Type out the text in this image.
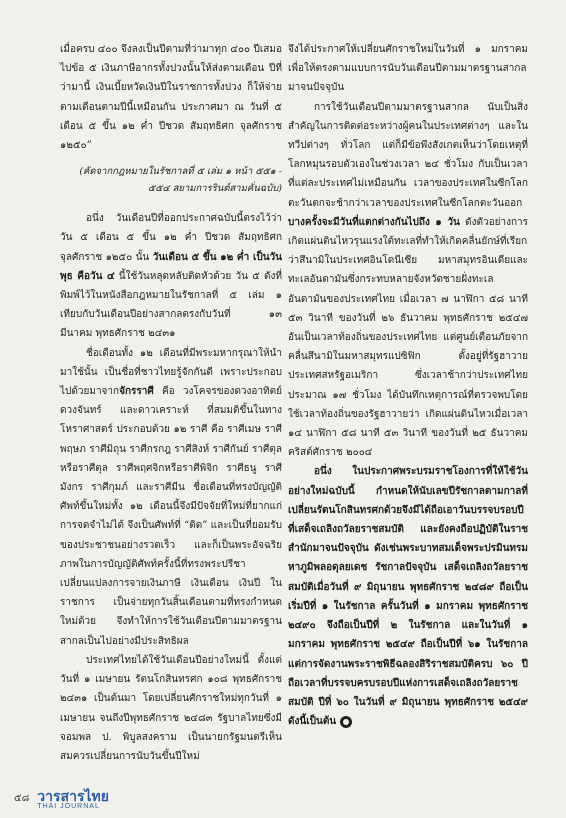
เมื่อครบ ๔๐๐ จึงลงเป็นปีตามที่ว่ามาทุก ๔๐๐ ปีเสมอไปข้อ ๕ เงินภาษีอากรทั้งปวงนั้นให้ส่งตามเดือน ปีที่ว่ามานี้ เงินเบี้ยหวัดเงินปีในราชการทั้งปวง ก็ให้จ่ายตามเดือนตามปีนี้เหมือนกัน ประกาศมา ณ วันที่ ๕ เดือน ๕ ขึ้น ๑๒ ค่ำ ปีชวด สัมฤทธิศก จุลศักราช ๑๒๕๐”

(คัดจากกฎหมายในรัชกาลที่ ๕ เล่ม ๑ หน้า ๕๕๑ - ๕๕๔ สยามการรินต์สามคั่นฉบับ)

อนึ่ง วันเดือนปีที่ออกประกาศฉบับนี้ตรงไว้ว่า วัน ๕ เดือน ๕ ขึ้น ๑๒ ค่ำ ปีชวด สัมฤทธิศก จุลศักราช ๑๒๕๐ นั้น วันเดือน ๕ ขึ้น ๑๒ ค่ำ เป็นวันพุธ คือวัน ๔ นี้ใช้วันหลุดหลับติดหัวด้วย วัน ๕ ดังที่พิมพ์ไว้ในหนังสือกฎหมายในรัชกาลที่ ๕ เล่ม ๑ เทียบกับวันเดือนปีอย่างสากลตรงกับวันที่ ๑๓ มีนาคม พุทธศักราช ๒๔๓๑

ชื่อเดือนทั้ง ๑๒ เดือนที่มีพระมหากรุณาให้นำมาใช้นั้น เป็นชื่อที่ชาวไทยรู้จักกันดี เพราะประกอบไปด้วยมาจากจักรราศี คือ วงโคจรของดวงอาทิตย์ ดวงจันทร์ และดาวเคราะห์ ที่สมมติขึ้นในทางโหราศาสตร์ ประกอบด้วย ๑๒ ราศี คือ ราศีเมษ ราศีพฤษภ ราศีมิถุน ราศีกรกฎ ราศีสิงห์ ราศีกันย์ ราศีตุลหรือราศีตุล ราศีพฤศจิกหรือราศีพิจิก ราศีธนู ราศีมังกร ราศีกุมภ์ และราศีมีน ชื่อเดือนที่ทรงบัญญัติศัพท์ขึ้นใหม่ทั้ง ๑๒ เดือนนี้จึงมีปัจจัยที่ใหม่ที่ยากแก่การจดจำไม่ได้ จึงเป็นศัพท์ที่ “ติด” และเป็นที่ยอมรับของประชาชนอย่างรวดเร็ว และก็เป็นพระอัจฉริยภาพในการบัญญัติศัพท์ครั้งนี้ที่ทรงพระปรีชาเปลี่ยนแปลงการจายเงินภาษี เงินเดือน เงินปี ในราชการ เป็นจ่ายทุกวันสิ้นเดือนตามที่ทรงกำหนดใหม่ด้วย จึงทำให้การใช้วันเดือนปีตามมาตรฐานสากลเป็นไปอย่างมีประสิทธิผล

ประเทศไทยได้ใช้วันเดือนปีอย่างใหม่นี้ ตั้งแต่วันที่ ๑ เมษายน รัตนโกสินทรศก ๑๐๘ พุทธศักราช ๒๔๓๑ เป็นต้นมา โดยเปลี่ยนศักราชใหม่ทุกวันที่ ๑ เมษายน จนถึงปีพุทธศักราช ๒๔๘๓ รัฐบาลไทยซึ่งมีจอมพล ป. พิบูลสงคราม เป็นนายกรัฐมนตรีเห็นสมควรเปลี่ยนการนับวันขึ้นปีใหม่

จึงได้ประกาศให้เปลี่ยนศักราชใหม่ในวันที่ ๑ มกราคมเพื่อให้ตรงตามแบบการนับวันเดือนปีตามมาตรฐานสากลมาจนปัจจุบัน

การใช้วันเดือนปีตามมาตรฐานสากล นับเป็นสิ่งสำคัญในการติดต่อระหว่างผู้คนในประเทศต่างๆ และในทวีปต่างๆ ทั่วโลก แต่ก็มีข้อพึงสังเกตเห็นว่าโดยเหตุที่โลกหมุนรอบตัวเองในช่วงเวลา ๒๔ ชั่วโมง กับเป็นเวลาที่แต่ละประเทศไม่เหมือนกัน เวลาของประเทศในซีกโลกตะวันตกจะช้ากว่าเวลาของประเทศในซีกโลกตะวันออก บางครั้งจะมีวันที่แตกต่างกันไปถึง ๑ วัน ดังตัวอย่างการเกิดแผ่นดินไหวรุนแรงใต้ทะเลที่ทำให้เกิดคลื่นยักษ์ที่เรียกว่าสึนามิในประเทศอินโดนีเซีย มหาสมุทรอินเดียและทะเลอันดามันซึ่งกระทบหลายจังหวัดชายฝั่งทะเลอันดามันของประเทศไทย เมื่อเวลา ๗ นาฬิกา ๕๘ นาที ๕๓ วินาที ของวันที่ ๒๖ ธันวาคม พุทธศักราช ๒๕๔๗ อันเป็นเวลาท้องถิ่นของประเทศไทย แต่ศูนย์เตือนภัยจากคลื่นสึนามิในมหาสมุทรแปซิฟิก ตั้งอยู่ที่รัฐฮาวาย ประเทศสหรัฐอเมริกา ซึ่งเวลาช้ากว่าประเทศไทยประมาณ ๑๗ ชั่วโมง ได้บันทึกเหตุการณ์ที่ตรวจพบโดยใช้เวลาท้องถิ่นของรัฐฮาวายว่า เกิดแผ่นดินไหวเมื่อเวลา ๑๔ นาฬิกา ๕๘ นาที ๕๓ วินาที ของวันที่ ๒๕ ธันวาคม คริสต์ศักราช ๒๐๐๔

อนึ่ง ในประกาศพระบรมราชโองการที่ให้ใช้วันอย่างใหม่ฉบับนี้ กำหนดให้นับเลขปีรัชกาลตามกาลที่เปลี่ยนรัตนโกสินทรศกด้วยจึงมีได้ถือเอาวันบรรจบรอบปีที่เสด็จเถลิงถวัลยราชสมบัติ และยังคงถือปฏิบัติในราชสำนักมาจนปัจจุบัน ดังเช่นพระบาทสมเด็จพระปรมินทรมหาภูมิพลอดุลยเดช รัชกาลปัจจุบัน เสด็จเถลิงถวัลยราชสมบัติเมื่อวันที่ ๙ มิถุนายน พุทธศักราช ๒๔๘๙ ถือเป็นเริ่มปีที่ ๑ ในรัชกาล ครั้นวันที่ ๑ มกราคม พุทธศักราช ๒๔๙๐ จึงถือเป็นปีที่ ๒ ในรัชกาล และในวันที่ ๑ มกราคม พุทธศักราช ๒๕๔๙ ถือเป็นปีที่ ๖๑ ในรัชกาล แต่การจัดงานพระราชพิธีฉลองสิริราชสมบัติครบ ๖๐ ปี ถือเวลาที่บรรจบครบรอบปีแห่งการเสด็จเถลิงถวัลยราชสมบัติ ปีที่ ๖๐ ในวันที่ ๙ มิถุนายน พุทธศักราช ๒๕๔๙ ดังนี้เป็นต้น

๕๘ วารสารไทย
THAI JOURNAL
